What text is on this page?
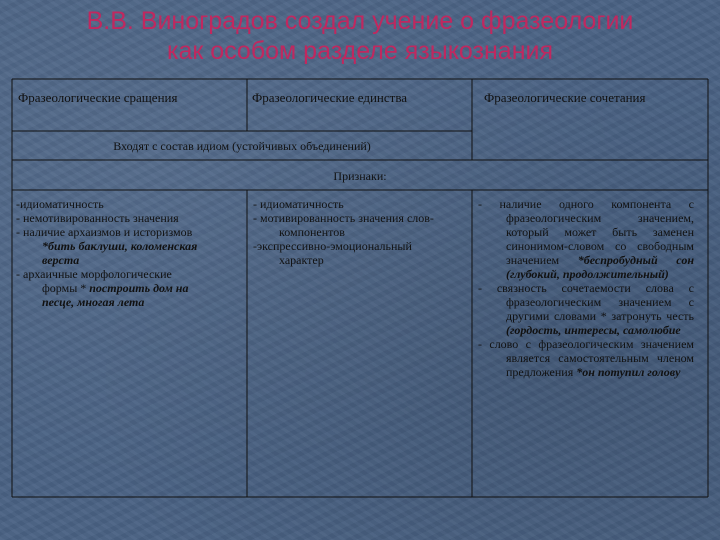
В.В. Виноградов создал учение о фразеологии
как особом разделе языкознания
Фразеологические сращения	Фразеологические единства	Фразеологические сочетания
Входят с состав идиом (устойчивых объединений)
Признаки:
-идиоматичность
- немотивированность значения
- наличие архаизмов и историзмов
*бить баклуши, коломенская
верста
- архаичные морфологические
формы * построить дом на
песце, многая лета
- идиоматичность
- мотивированность значения слов-
компонентов
-экспрессивно-эмоциональный
характер
- наличие одного компонента с фразеологическим значением, который может быть заменен синонимом-словом со свободным значением *беспробудный сон (глубокий, продолжительный)
- связность сочетаемости слова с фразеологическим значением с другими словами * затронуть честь (гордость, интересы, самолюбие
- слово с фразеологическим значением является самостоятельным членом предложения *он потупил голову
